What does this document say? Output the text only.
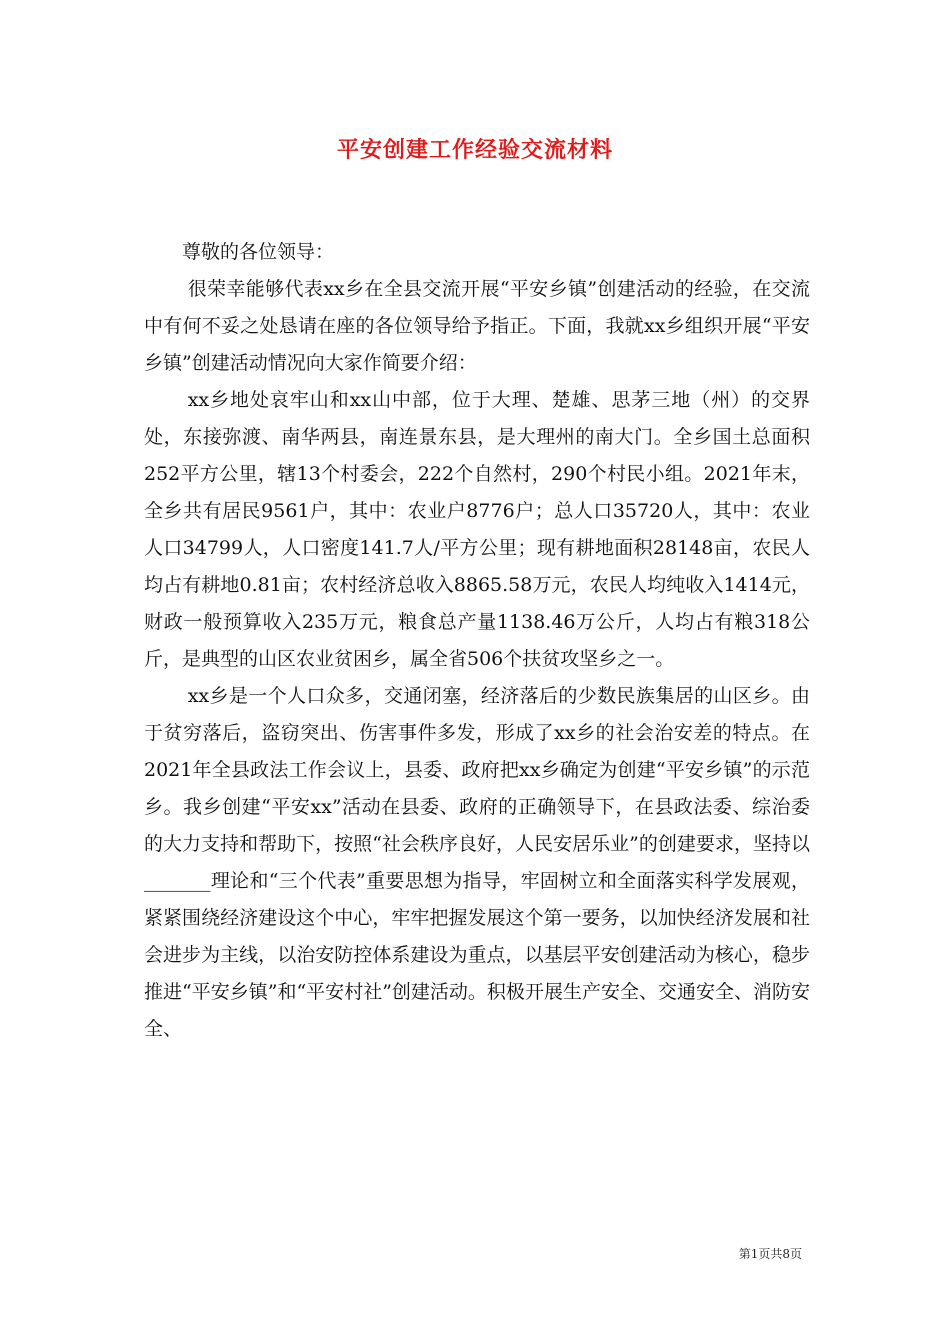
平安创建工作经验交流材料

尊敬的各位领导：

很荣幸能够代表xx乡在全县交流开展“平安乡镇”创建活动的经验，在交流中有何不妥之处恳请在座的各位领导给予指正。下面，我就xx乡组织开展“平安乡镇”创建活动情况向大家作简要介绍：

xx乡地处哀牢山和xx山中部，位于大理、楚雄、思茅三地（州）的交界处，东接弥渡、南华两县，南连景东县，是大理州的南大门。全乡国土总面积252平方公里，辖13个村委会，222个自然村，290个村民小组。2021年末，全乡共有居民9561户，其中：农业户8776户；总人口35720人，其中：农业人口34799人，人口密度141.7人/平方公里；现有耕地面积28148亩，农民人均占有耕地0.81亩；农村经济总收入8865.58万元，农民人均纯收入1414元，财政一般预算收入235万元，粮食总产量1138.46万公斤，人均占有粮318公斤，是典型的山区农业贫困乡，属全省506个扶贫攻坚乡之一。

xx乡是一个人口众多，交通闭塞，经济落后的少数民族集居的山区乡。由于贫穷落后，盗窃突出、伤害事件多发，形成了xx乡的社会治安差的特点。在2021年全县政法工作会议上，县委、政府把xx乡确定为创建“平安乡镇”的示范乡。我乡创建“平安xx”活动在县委、政府的正确领导下，在县政法委、综治委的大力支持和帮助下，按照“社会秩序良好，人民安居乐业”的创建要求，坚持以_______理论和“三个代表”重要思想为指导，牢固树立和全面落实科学发展观，紧紧围绕经济建设这个中心，牢牢把握发展这个第一要务，以加快经济发展和社会进步为主线，以治安防控体系建设为重点，以基层平安创建活动为核心，稳步推进“平安乡镇”和“平安村社”创建活动。积极开展生产安全、交通安全、消防安全、

第1页共8页
